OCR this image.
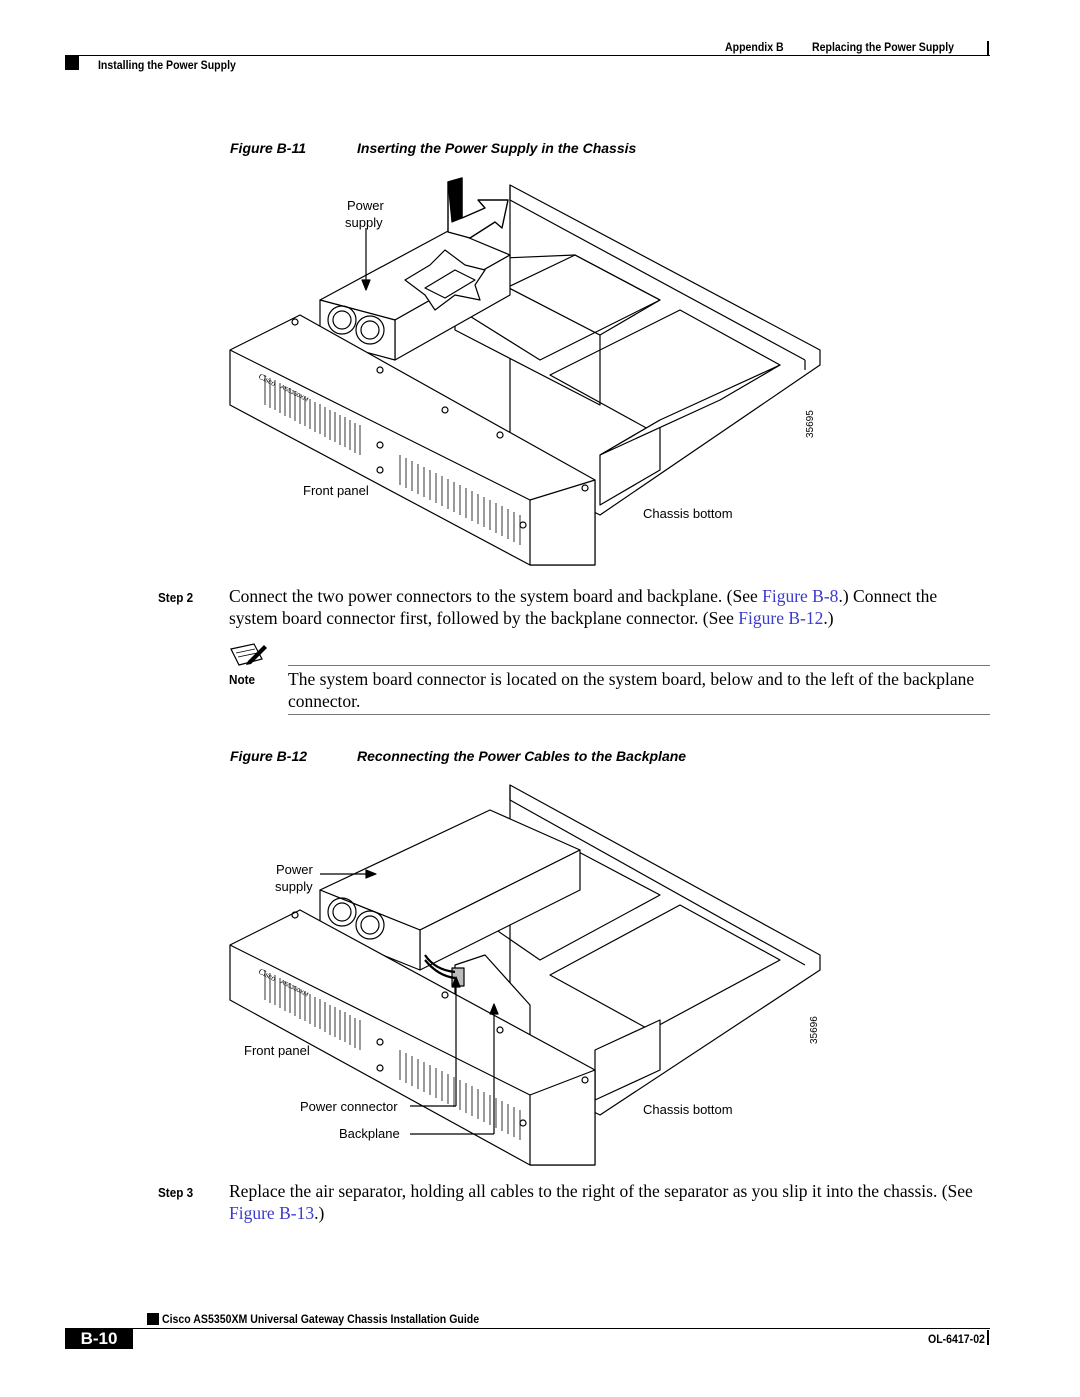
Appendix B Replacing the Power Supply
Installing the Power Supply
Figure B-11	Inserting the Power Supply in the Chassis
Cisco
AS5350XM
Power
supply
Front panel
Chassis bottom
35695
Step 2 Connect the two power connectors to the system board and backplane. (See Figure B-8.) Connect the system board connector first, followed by the backplane connector. (See Figure B-12.)
Note The system board connector is located on the system board, below and to the left of the backplane connector.
Figure B-12	Reconnecting the Power Cables to the Backplane
Cisco
AS5350XM
Power
supply
Front panel
Power connector
Backplane
Chassis bottom
35696
Step 3 Replace the air separator, holding all cables to the right of the separator as you slip it into the chassis. (See Figure B-13.)
Cisco AS5350XM Universal Gateway Chassis Installation Guide
B-10	OL-6417-02
